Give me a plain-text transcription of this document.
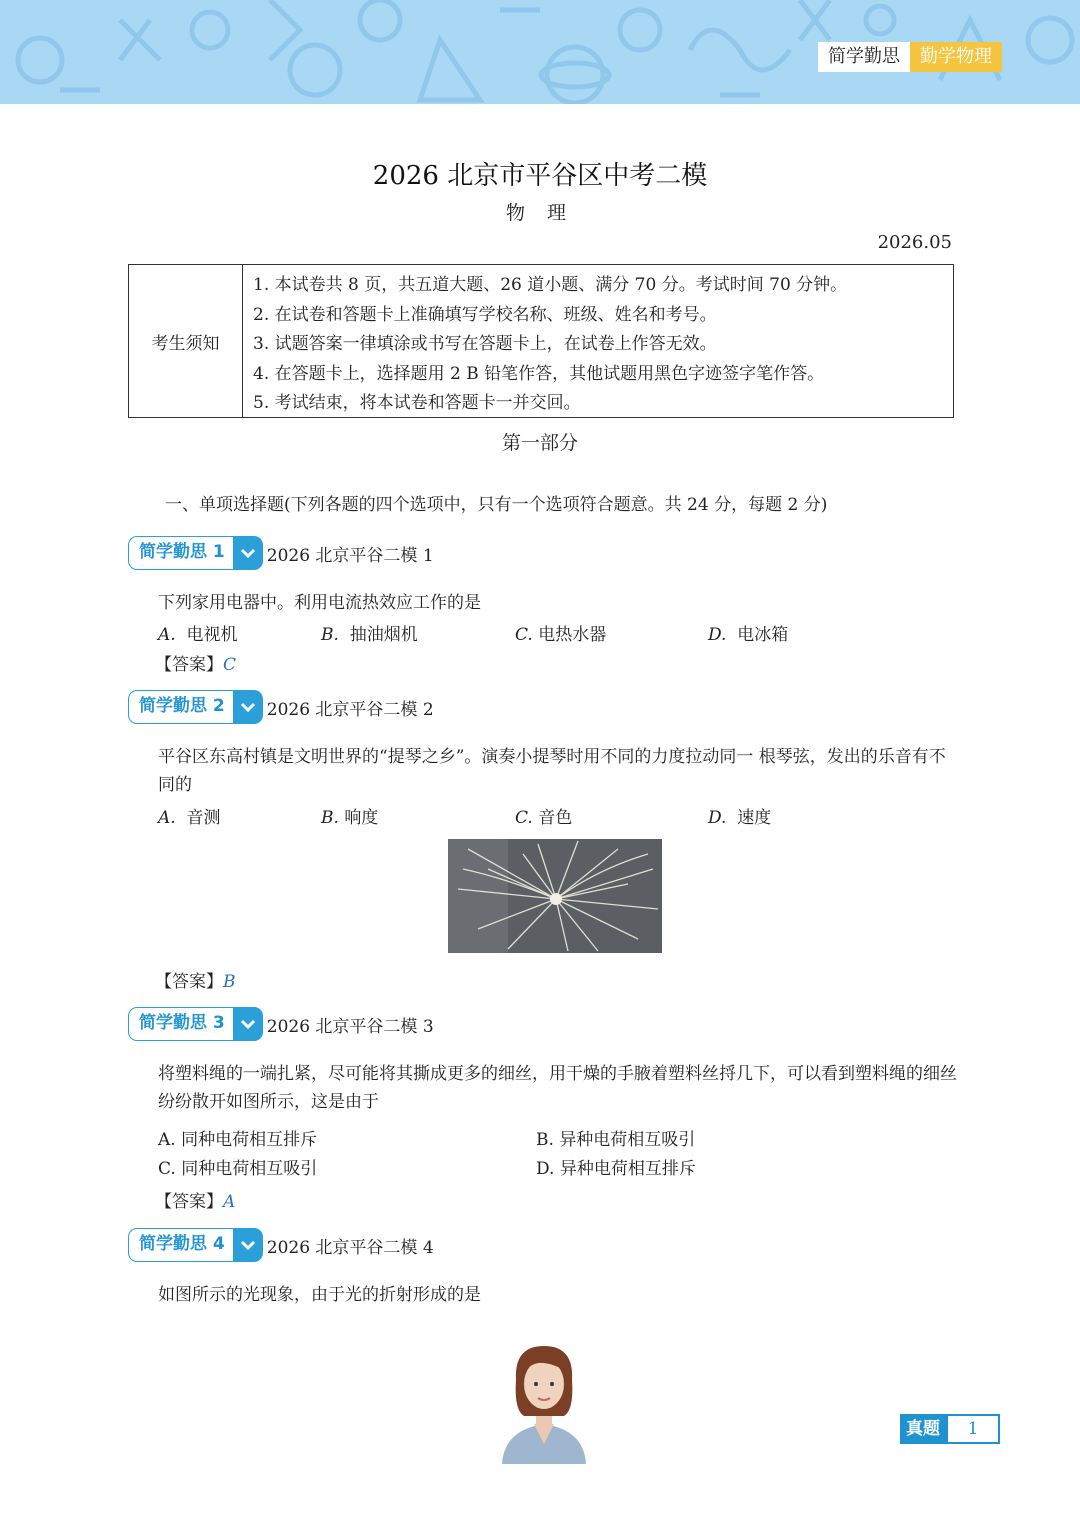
简学勤思	勤学物理
2026 北京市平谷区中考二模
物 理
2026.05
考生须知
1. 本试卷共 8 页，共五道大题、26 道小题、满分 70 分。考试时间 70 分钟。
2. 在试卷和答题卡上准确填写学校名称、班级、姓名和考号。
3. 试题答案一律填涂或书写在答题卡上，在试卷上作答无效。
4. 在答题卡上，选择题用 2 B 铅笔作答，其他试题用黑色字迹签字笔作答。
5. 考试结束，将本试卷和答题卡一并交回。
第一部分
一、单项选择题(下列各题的四个选项中，只有一个选项符合题意。共 24 分，每题 2 分)
简学勤思 1	2026 北京平谷二模 1
下列家用电器中。利用电流热效应工作的是
A. 电视机	B. 抽油烟机	C. 电热水器	D. 电冰箱
【答案】C
简学勤思 2	2026 北京平谷二模 2
平谷区东高村镇是文明世界的“提琴之乡”。演奏小提琴时用不同的力度拉动同一 根琴弦，发出的乐音有不同的
A. 音测	B. 响度	C. 音色	D. 速度
【答案】B
简学勤思 3	2026 北京平谷二模 3
将塑料绳的一端扎紧，尽可能将其撕成更多的细丝，用干燥的手腋着塑料丝捋几下，可以看到塑料绳的细丝纷纷散开如图所示，这是由于
A. 同种电荷相互排斥	B. 异种电荷相互吸引
C. 同种电荷相互吸引	D. 异种电荷相互排斥
【答案】A
简学勤思 4	2026 北京平谷二模 4
如图所示的光现象，由于光的折射形成的是
真题	1
